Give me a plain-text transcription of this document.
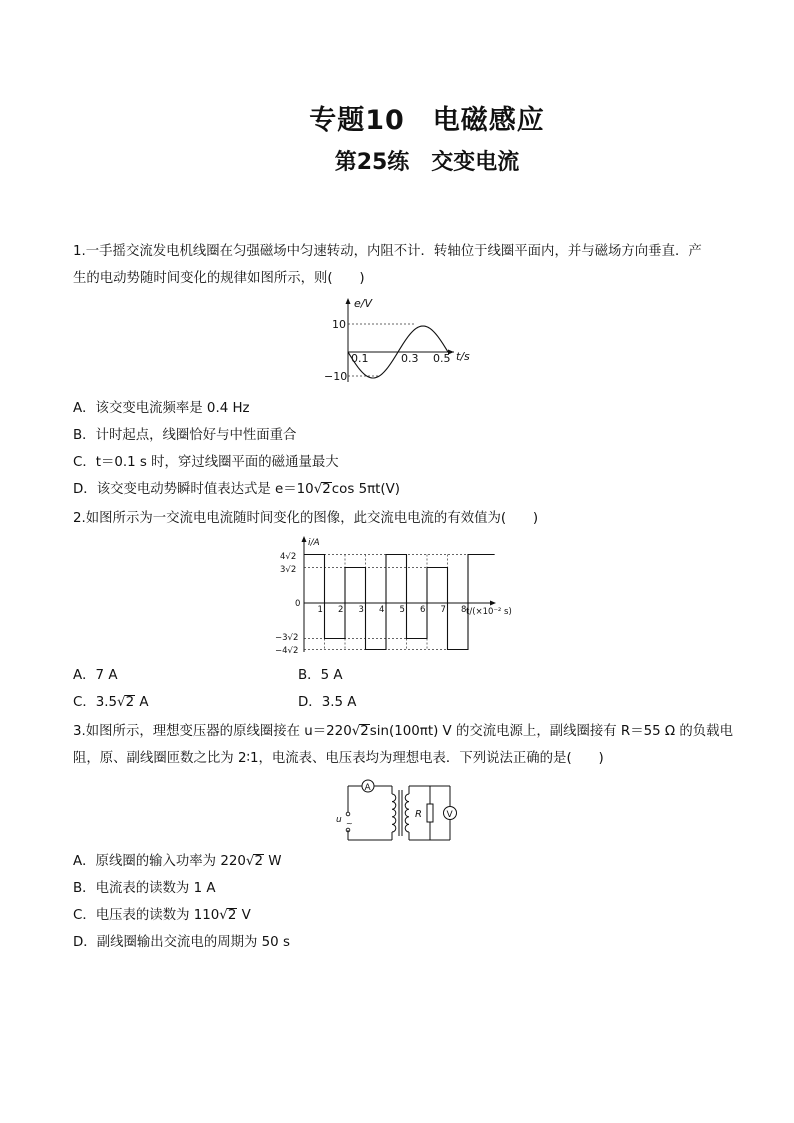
专题10　电磁感应
第25练　交变电流
1.一手摇交流发电机线圈在匀强磁场中匀速转动，内阻不计．转轴位于线圈平面内，并与磁场方向垂直．产
生的电动势随时间变化的规律如图所示，则(　　)
e/V
t/s
10
−10
0.1	0.3 0.5
A．该交变电流频率是 0.4 Hz
B．计时起点，线圈恰好与中性面重合
C．t＝0.1 s 时，穿过线圈平面的磁通量最大
D．该交变电动势瞬时值表达式是 e＝10√2cos 5πt(V)
2.如图所示为一交流电电流随时间变化的图像，此交流电电流的有效值为(　　)
i/A
t/(×10⁻² s)
4√2
3√2
0
−3√2
−4√2
1 2 3 4 5 6 7 8
A．7 A	B．5 A
C．3.5√2 A	D．3.5 A
3.如图所示，理想变压器的原线圈接在 u＝220√2sin(100πt) V 的交流电源上，副线圈接有 R＝55 Ω 的负载电
阻，原、副线圈匝数之比为 2∶1，电流表、电压表均为理想电表．下列说法正确的是(　　)
A
u ~
R	V
A．原线圈的输入功率为 220√2 W
B．电流表的读数为 1 A
C．电压表的读数为 110√2 V
D．副线圈输出交流电的周期为 50 s
